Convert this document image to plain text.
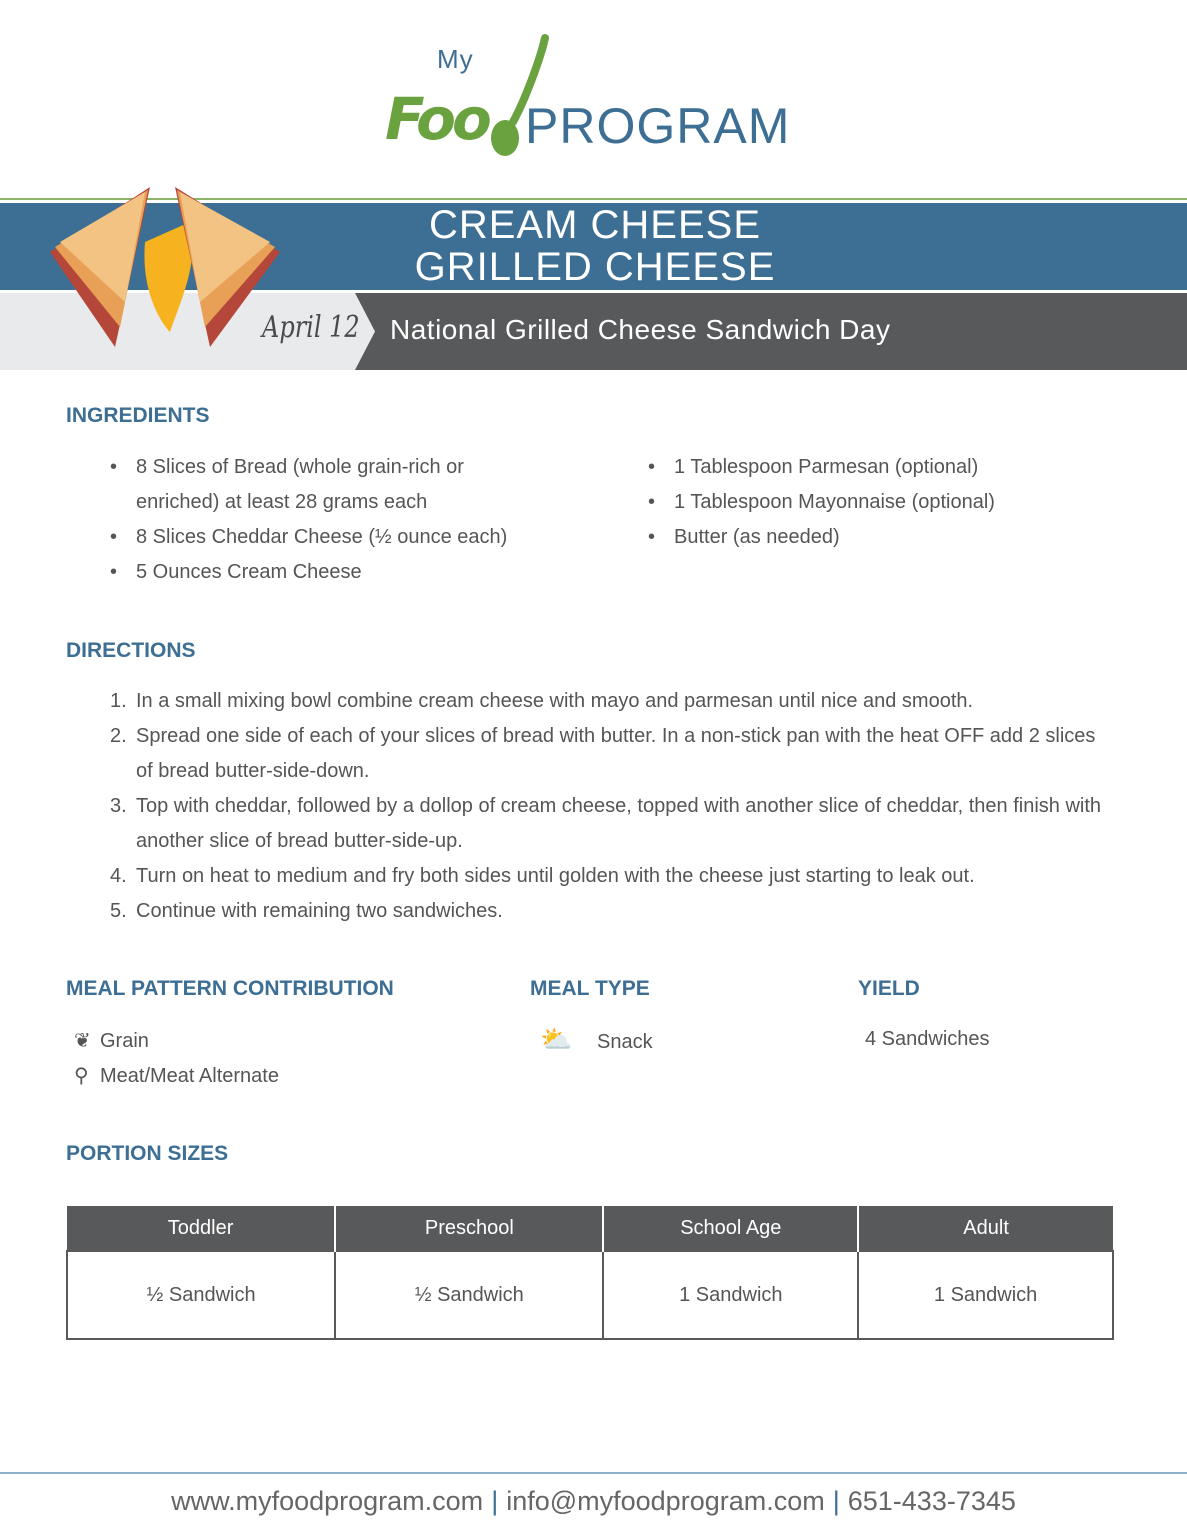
My
Foo PROGRAM
CREAM CHEESE
GRILLED CHEESE
April 12 National Grilled Cheese Sandwich Day
INGREDIENTS
• 8 Slices of Bread (whole grain-rich or enriched) at least 28 grams each
• 8 Slices Cheddar Cheese (½ ounce each)
• 5 Ounces Cream Cheese
• 1 Tablespoon Parmesan (optional)
• 1 Tablespoon Mayonnaise (optional)
• Butter (as needed)
DIRECTIONS
1. In a small mixing bowl combine cream cheese with mayo and parmesan until nice and smooth.
2. Spread one side of each of your slices of bread with butter. In a non-stick pan with the heat OFF add 2 slices of bread butter-side-down.
3. Top with cheddar, followed by a dollop of cream cheese, topped with another slice of cheddar, then finish with another slice of bread butter-side-up.
4. Turn on heat to medium and fry both sides until golden with the cheese just starting to leak out.
5. Continue with remaining two sandwiches.
MEAL PATTERN CONTRIBUTION
❦ Grain
⚲ Meat/Meat Alternate
MEAL TYPE
⛅ Snack
YIELD
4 Sandwiches
PORTION SIZES
Toddler	Preschool	School Age	Adult
½ Sandwich	½ Sandwich	1 Sandwich	1 Sandwich
www.myfoodprogram.com | info@myfoodprogram.com | 651-433-7345
